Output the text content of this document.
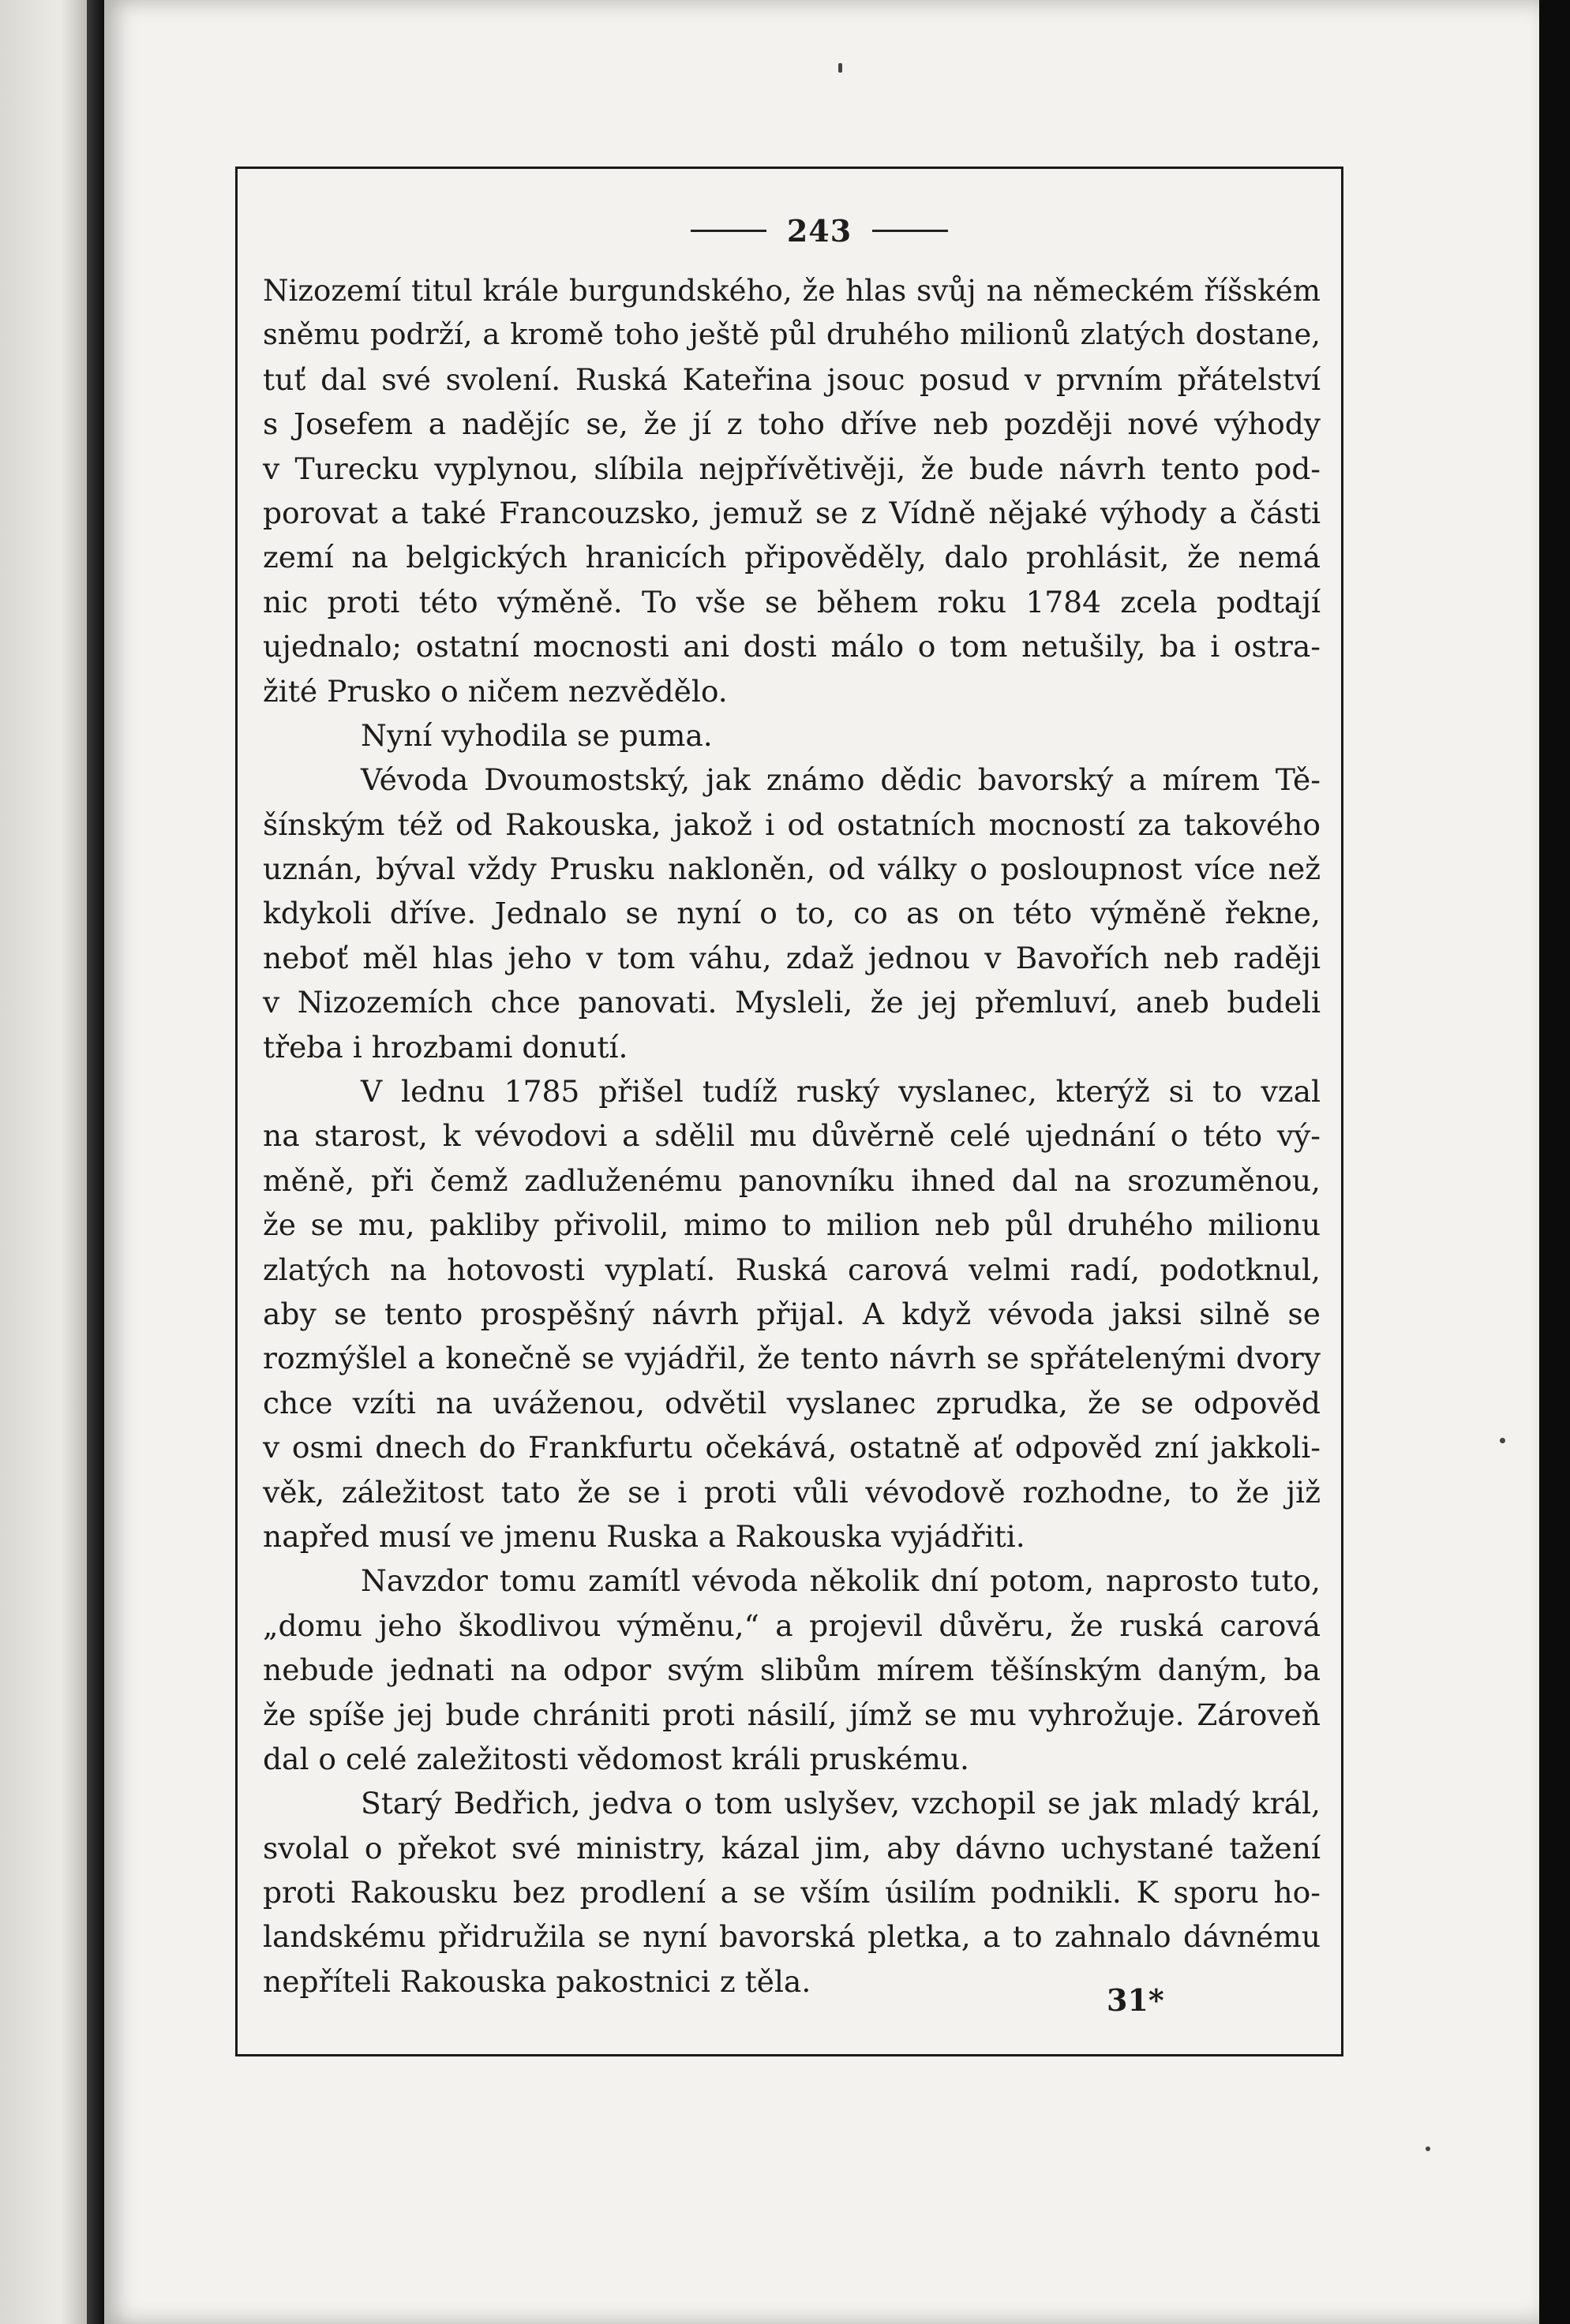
243
Nizozemí titul krále burgundského, že hlas svůj na německém říšském
sněmu podrží, a kromě toho ještě půl druhého milionů zlatých dostane,
tuť dal své svolení. Ruská Kateřina jsouc posud v prvním přátelství
s Josefem a nadějíc se, že jí z toho dříve neb později nové výhody
v Turecku vyplynou, slíbila nejpřívětivěji, že bude návrh tento pod-
porovat a také Francouzsko, jemuž se z Vídně nějaké výhody a části
zemí na belgických hranicích připověděly, dalo prohlásit, že nemá
nic proti této výměně. To vše se během roku 1784 zcela podtají
ujednalo; ostatní mocnosti ani dosti málo o tom netušily, ba i ostra-
žité Prusko o ničem nezvědělo.
Nyní vyhodila se puma.
Vévoda Dvoumostský, jak známo dědic bavorský a mírem Tě-
šínským též od Rakouska, jakož i od ostatních mocností za takového
uznán, býval vždy Prusku nakloněn, od války o posloupnost více než
kdykoli dříve. Jednalo se nyní o to, co as on této výměně řekne,
neboť měl hlas jeho v tom váhu, zdaž jednou v Bavořích neb raději
v Nizozemích chce panovati. Mysleli, že jej přemluví, aneb budeli
třeba i hrozbami donutí.
V lednu 1785 přišel tudíž ruský vyslanec, kterýž si to vzal
na starost, k vévodovi a sdělil mu důvěrně celé ujednání o této vý-
měně, při čemž zadluženému panovníku ihned dal na srozuměnou,
že se mu, pakliby přivolil, mimo to milion neb půl druhého milionu
zlatých na hotovosti vyplatí. Ruská carová velmi radí, podotknul,
aby se tento prospěšný návrh přijal. A když vévoda jaksi silně se
rozmýšlel a konečně se vyjádřil, že tento návrh se spřátelenými dvory
chce vzíti na uváženou, odvětil vyslanec zprudka, že se odpověd
v osmi dnech do Frankfurtu očekává, ostatně ať odpověd zní jakkoli-
věk, záležitost tato že se i proti vůli vévodově rozhodne, to že již
napřed musí ve jmenu Ruska a Rakouska vyjádřiti.
Navzdor tomu zamítl vévoda několik dní potom, naprosto tuto,
„domu jeho škodlivou výměnu,“ a projevil důvěru, že ruská carová
nebude jednati na odpor svým slibům mírem těšínským daným, ba
že spíše jej bude chrániti proti násilí, jímž se mu vyhrožuje. Zároveň
dal o celé zaležitosti vědomost králi pruskému.
Starý Bedřich, jedva o tom uslyšev, vzchopil se jak mladý král,
svolal o překot své ministry, kázal jim, aby dávno uchystané tažení
proti Rakousku bez prodlení a se vším úsilím podnikli. K sporu ho-
landskému přidružila se nyní bavorská pletka, a to zahnalo dávnému
nepříteli Rakouska pakostnici z těla.
31*
